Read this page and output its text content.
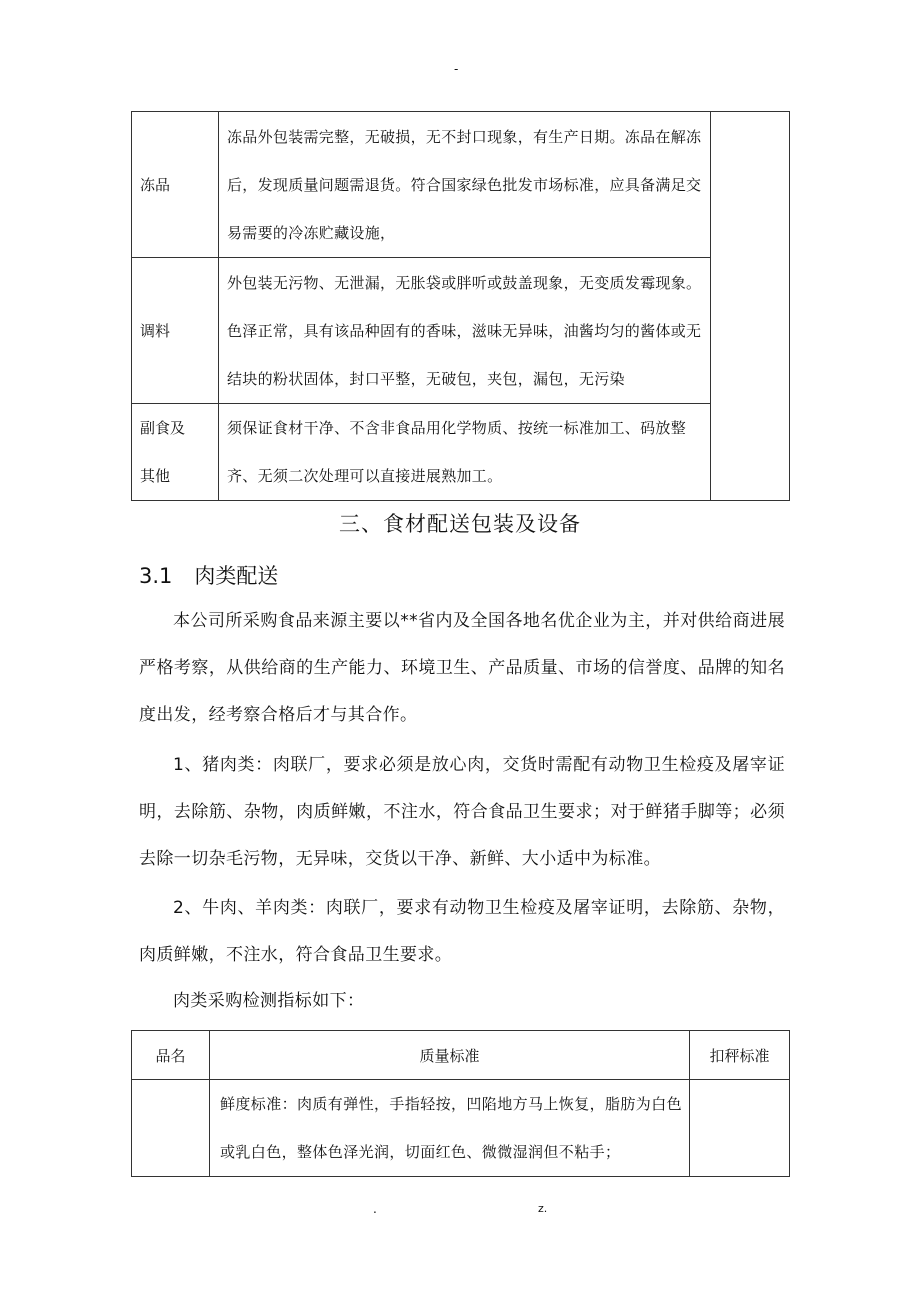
-
冻品	冻品外包装需完整，无破损，无不封口现象，有生产日期。冻品在解冻后，发现质量问题需退货。符合国家绿色批发市场标准，应具备满足交易需要的冷冻贮藏设施，	
调料	外包装无污物、无泄漏，无胀袋或胖听或鼓盖现象，无变质发霉现象。色泽正常，具有该品种固有的香味，滋味无异味，油酱均匀的酱体或无结块的粉状固体，封口平整，无破包，夹包，漏包，无污染	

副食及
其他	须保证食材干净、不含非食品用化学物质、按统一标准加工、码放整齐、无须二次处理可以直接进展熟加工。	
三、食材配送包装及设备
3.1 肉类配送
本公司所采购食品来源主要以**省内及全国各地名优企业为主，并对供给商进展严格考察，从供给商的生产能力、环境卫生、产品质量、市场的信誉度、品牌的知名度出发，经考察合格后才与其合作。
1、猪肉类：肉联厂，要求必须是放心肉，交货时需配有动物卫生检疫及屠宰证明，去除筋、杂物，肉质鲜嫩，不注水，符合食品卫生要求；对于鲜猪手脚等；必须去除一切杂毛污物，无异味，交货以干净、新鲜、大小适中为标准。
2、牛肉、羊肉类：肉联厂，要求有动物卫生检疫及屠宰证明，去除筋、杂物，肉质鲜嫩，不注水，符合食品卫生要求。
肉类采购检测指标如下：
品名	质量标准	扣秤标准
	鲜度标准：肉质有弹性，手指轻按，凹陷地方马上恢复，脂肪为白色或乳白色，整体色泽光润，切面红色、微微湿润但不粘手；	
.	z.
